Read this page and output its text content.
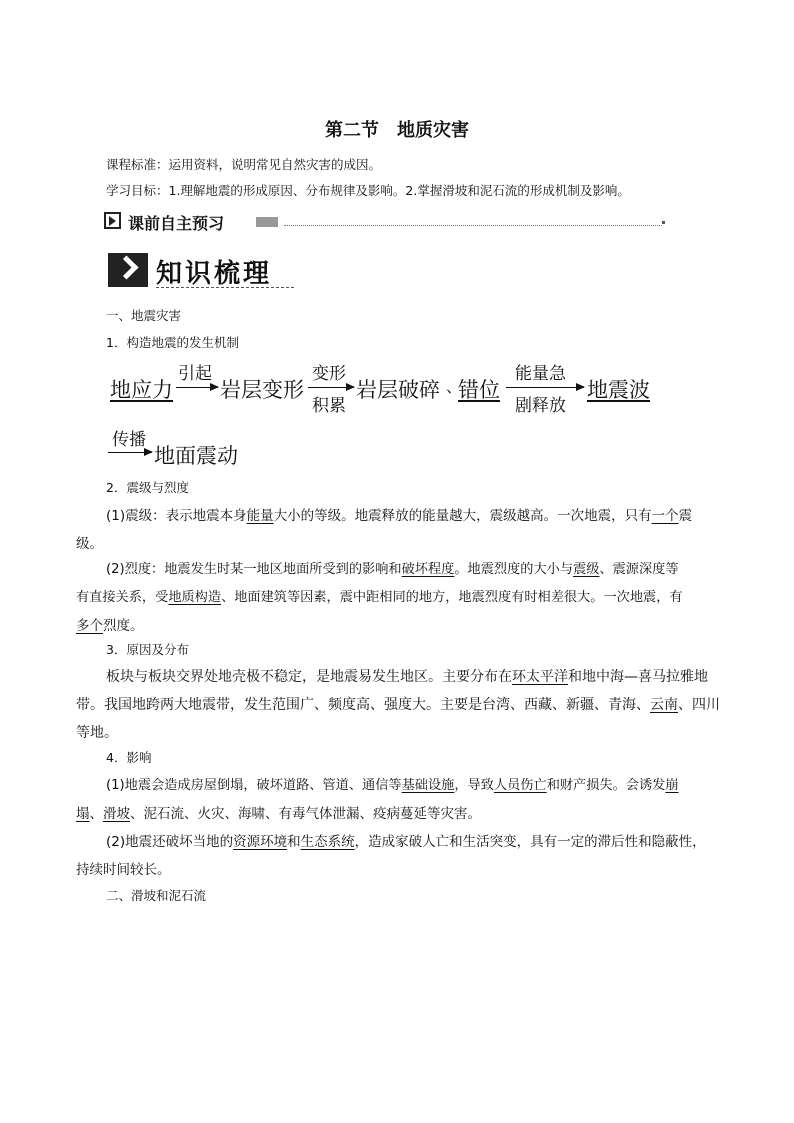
第二节　地质灾害
课程标准：运用资料，说明常见自然灾害的成因。
学习目标：1.理解地震的形成原因、分布规律及影响。2.掌握滑坡和泥石流的形成机制及影响。
课前自主预习
知识梳理
一、地震灾害
1．构造地震的发生机制
地应力
引起
岩层变形
变形
积累
岩层破碎 、
错位
能量急
剧释放
地震波
传播
地面震动
2．震级与烈度
(1)震级：表示地震本身能量大小的等级。地震释放的能量越大，震级越高。一次地震，只有一个震
级。
(2)烈度：地震发生时某一地区地面所受到的影响和破坏程度。地震烈度的大小与震级、震源深度等
有直接关系，受地质构造、地面建筑等因素，震中距相同的地方，地震烈度有时相差很大。一次地震，有
多个烈度。
3．原因及分布
板块与板块交界处地壳极不稳定，是地震易发生地区。主要分布在环太平洋和地中海—喜马拉雅地
带。我国地跨两大地震带，发生范围广、频度高、强度大。主要是台湾、西藏、新疆、青海、云南、四川
等地。
4．影响
(1)地震会造成房屋倒塌，破坏道路、管道、通信等基础设施，导致人员伤亡和财产损失。会诱发崩
塌、滑坡、泥石流、火灾、海啸、有毒气体泄漏、疫病蔓延等灾害。
(2)地震还破坏当地的资源环境和生态系统，造成家破人亡和生活突变，具有一定的滞后性和隐蔽性，
持续时间较长。
二、滑坡和泥石流
